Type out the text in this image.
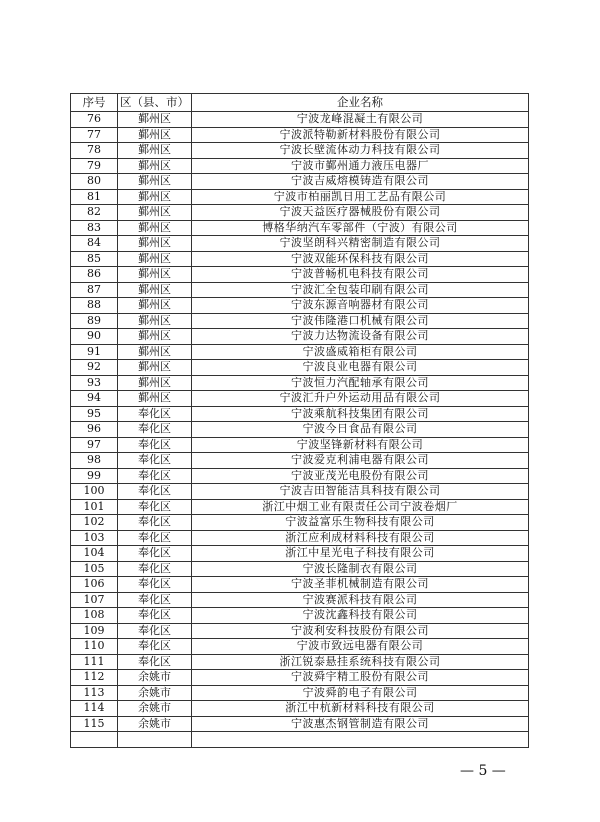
序号	区（县、市）	企业名称
76	鄞州区	宁波龙峰混凝土有限公司
77	鄞州区	宁波派特勒新材料股份有限公司
78	鄞州区	宁波长壁流体动力科技有限公司
79	鄞州区	宁波市鄞州通力液压电器厂
80	鄞州区	宁波吉威熔模铸造有限公司
81	鄞州区	宁波市柏丽凯日用工艺品有限公司
82	鄞州区	宁波天益医疗器械股份有限公司
83	鄞州区	博格华纳汽车零部件（宁波）有限公司
84	鄞州区	宁波坚朗科兴精密制造有限公司
85	鄞州区	宁波双能环保科技有限公司
86	鄞州区	宁波普畅机电科技有限公司
87	鄞州区	宁波汇全包装印刷有限公司
88	鄞州区	宁波东源音响器材有限公司
89	鄞州区	宁波伟隆港口机械有限公司
90	鄞州区	宁波力达物流设备有限公司
91	鄞州区	宁波盛威箱柜有限公司
92	鄞州区	宁波良业电器有限公司
93	鄞州区	宁波恒力汽配轴承有限公司
94	鄞州区	宁波汇升户外运动用品有限公司
95	奉化区	宁波乘航科技集团有限公司
96	奉化区	宁波今日食品有限公司
97	奉化区	宁波坚锋新材料有限公司
98	奉化区	宁波爱克利浦电器有限公司
99	奉化区	宁波亚茂光电股份有限公司
100	奉化区	宁波吉田智能洁具科技有限公司
101	奉化区	浙江中烟工业有限责任公司宁波卷烟厂
102	奉化区	宁波益富乐生物科技有限公司
103	奉化区	浙江应利成材料科技有限公司
104	奉化区	浙江中星光电子科技有限公司
105	奉化区	宁波长隆制衣有限公司
106	奉化区	宁波圣菲机械制造有限公司
107	奉化区	宁波赛派科技有限公司
108	奉化区	宁波沈鑫科技有限公司
109	奉化区	宁波利安科技股份有限公司
110	奉化区	宁波市致远电器有限公司
111	奉化区	浙江锐泰悬挂系统科技有限公司
112	余姚市	宁波舜宇精工股份有限公司
113	余姚市	宁波舜韵电子有限公司
114	余姚市	浙江中杭新材料科技有限公司
115	余姚市	宁波惠杰钢管制造有限公司

— 5 —
